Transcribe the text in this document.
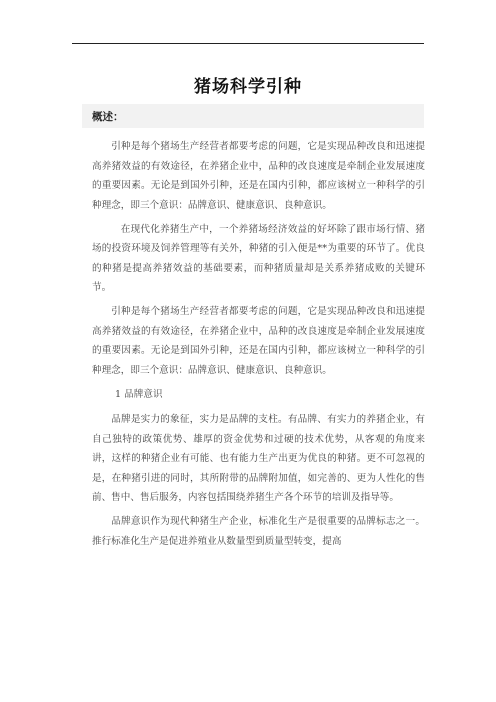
猪场科学引种
概述：

引种是每个猪场生产经营者都要考虑的问题，它是实现品种改良和迅速提高养猪效益的有效途径，在养猪企业中，品种的改良速度是牵制企业发展速度的重要因素。无论是到国外引种，还是在国内引种，都应该树立一种科学的引种理念，即三个意识：品牌意识、健康意识、良种意识。

在现代化养猪生产中，一个养猪场经济效益的好坏除了跟市场行情、猪场的投资环境及饲养管理等有关外，种猪的引入便是**为重要的环节了。优良的种猪是提高养猪效益的基础要素，而种猪质量却是关系养猪成败的关键环节。

引种是每个猪场生产经营者都要考虑的问题，它是实现品种改良和迅速提高养猪效益的有效途径，在养猪企业中，品种的改良速度是牵制企业发展速度的重要因素。无论是到国外引种，还是在国内引种，都应该树立一种科学的引种理念，即三个意识：品牌意识、健康意识、良种意识。

1 品牌意识

品牌是实力的象征，实力是品牌的支柱。有品牌、有实力的养猪企业，有自己独特的政策优势、雄厚的资金优势和过硬的技术优势，从客观的角度来讲，这样的种猪企业有可能、也有能力生产出更为优良的种猪。更不可忽视的是，在种猪引进的同时，其所附带的品牌附加值，如完善的、更为人性化的售前、售中、售后服务，内容包括围绕养猪生产各个环节的培训及指导等。

品牌意识作为现代种猪生产企业，标准化生产是很重要的品牌标志之一。推行标准化生产是促进养殖业从数量型到质量型转变，提高
